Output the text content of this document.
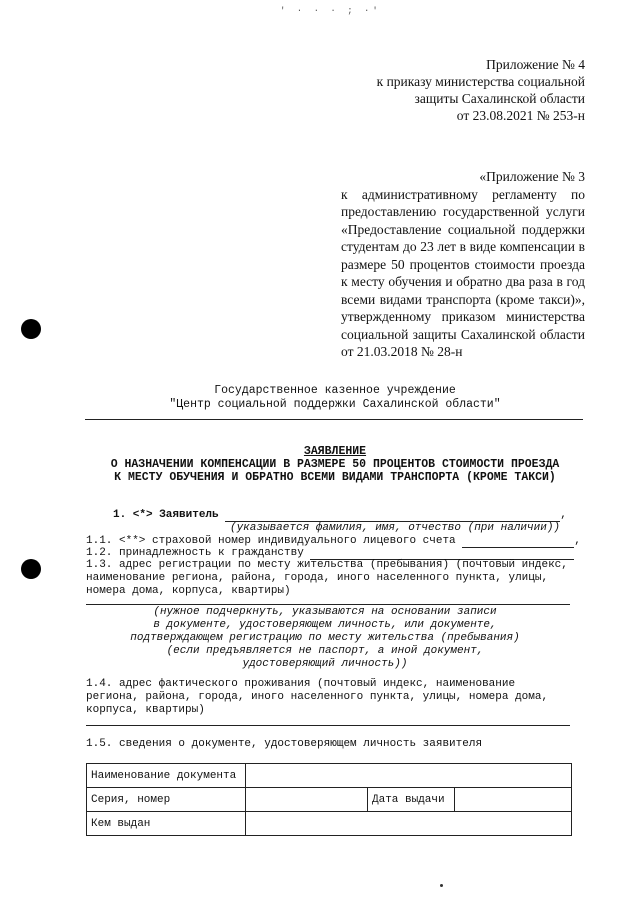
' · · · ; ·'
Приложение № 4
к приказу министерства социальной
защиты Сахалинской области
от 23.08.2021 № 253-н
«Приложение № 3
к административному регламенту по предоставлению государственной услуги «Предоставление социальной поддержки студентам до 23 лет в виде компенсации в размере 50 процентов стоимости проезда к месту обучения и обратно два раза в год всеми видами транспорта (кроме такси)», утвержденному приказом министерства социальной защиты Сахалинской области от 21.03.2018 № 28-н
Государственное казенное учреждение
"Центр социальной поддержки Сахалинской области"
ЗАЯВЛЕНИЕ
О НАЗНАЧЕНИИ КОМПЕНСАЦИИ В РАЗМЕРЕ 50 ПРОЦЕНТОВ СТОИМОСТИ ПРОЕЗДА
К МЕСТУ ОБУЧЕНИЯ И ОБРАТНО ВСЕМИ ВИДАМИ ТРАНСПОРТА (КРОМЕ ТАКСИ)
1. <*> Заявитель	,
(указывается фамилия, имя, отчество (при наличии))
1.1. <**> страховой номер индивидуального лицевого счета	,
1.2. принадлежность к гражданству
1.3. адрес регистрации по месту жительства (пребывания) (почтовый индекс,
наименование региона, района, города, иного населенного пункта, улицы,
номера дома, корпуса, квартиры)
(нужное подчеркнуть, указываются на основании записи
в документе, удостоверяющем личность, или документе,
подтверждающем регистрацию по месту жительства (пребывания)
(если предъявляется не паспорт, а иной документ,
удостоверяющий личность))
1.4. адрес фактического проживания (почтовый индекс, наименование
региона, района, города, иного населенного пункта, улицы, номера дома,
корпуса, квартиры)
1.5. сведения о документе, удостоверяющем личность заявителя
Наименование документа			
Серия, номер		Дата выдачи	
Кем выдан			
